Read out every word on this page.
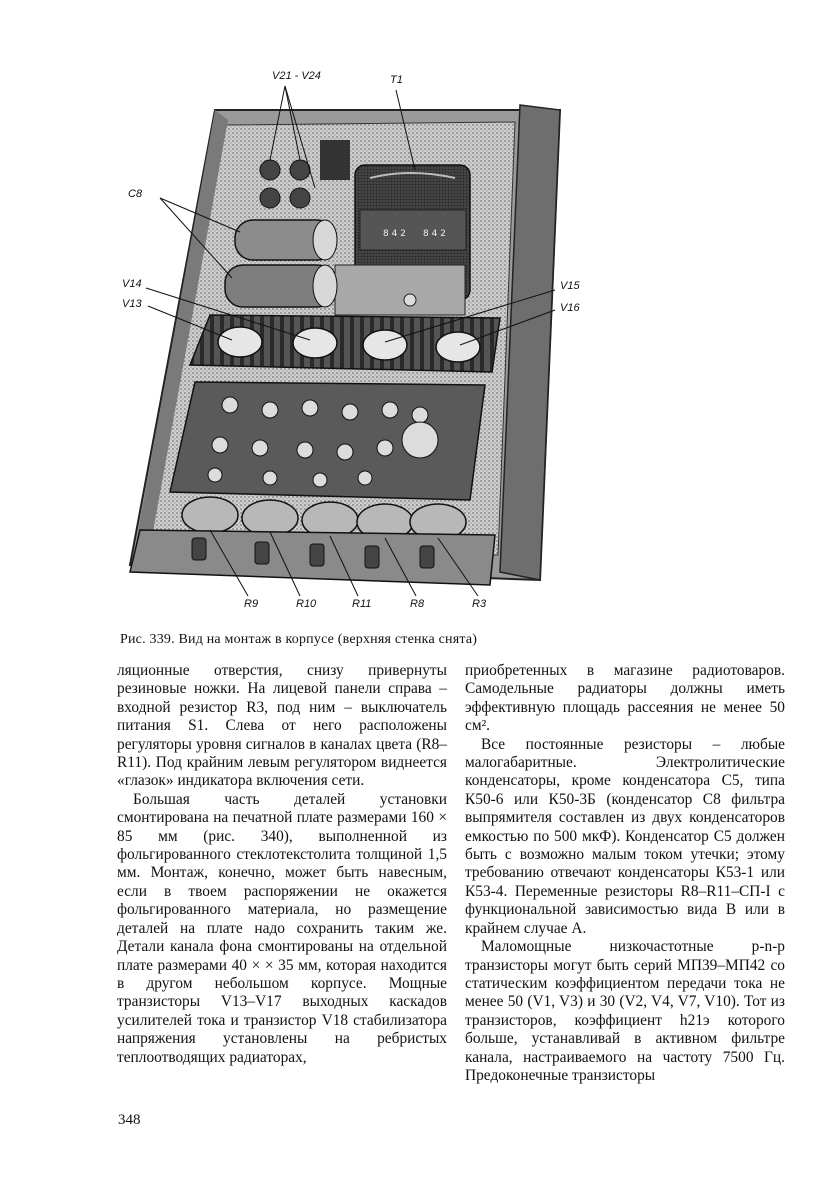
8 4 2 8 4 2
V21 - V24	T1
C8
V14
V13
V15
V16
R9	R10	R11	R8	R3
Рис. 339. Вид на монтаж в корпусе (верхняя стенка снята)

ляционные отверстия, снизу привернуты резиновые ножки. На лицевой панели справа – входной резистор R3, под ним – выключатель питания S1. Слева от него расположены регуляторы уровня сигналов в каналах цвета (R8–R11). Под крайним левым регулятором виднеется «глазок» индикатора включения сети.

Большая часть деталей установки смонтирована на печатной плате размерами 160 × 85 мм (рис. 340), выполненной из фольгированного стеклотекстолита толщиной 1,5 мм. Монтаж, конечно, может быть навесным, если в твоем распоряжении не окажется фольгированного материала, но размещение деталей на плате надо сохранить таким же. Детали канала фона смонтированы на отдельной плате размерами 40 × × 35 мм, которая находится в другом небольшом корпусе. Мощные транзисторы V13–V17 выходных каскадов усилителей тока и транзистор V18 стабилизатора напряжения установлены на ребристых теплоотводящих радиаторах,

приобретенных в магазине радиотоваров. Самодельные радиаторы должны иметь эффективную площадь рассеяния не менее 50 см².

Все постоянные резисторы – любые малогабаритные. Электролитические конденсаторы, кроме конденсатора C5, типа К50-6 или К50-3Б (конденсатор C8 фильтра выпрямителя составлен из двух конденсаторов емкостью по 500 мкФ). Конденсатор C5 должен быть с возможно малым током утечки; этому требованию отвечают конденсаторы К53-1 или К53-4. Переменные резисторы R8–R11–СП-I с функциональной зависимостью вида В или в крайнем случае А.

Маломощные низкочастотные p-n-p транзисторы могут быть серий МП39–МП42 со статическим коэффициентом передачи тока не менее 50 (V1, V3) и 30 (V2, V4, V7, V10). Тот из транзисторов, коэффициент h21э которого больше, устанавливай в активном фильтре канала, настраиваемого на частоту 7500 Гц. Предоконечные транзисторы

348
